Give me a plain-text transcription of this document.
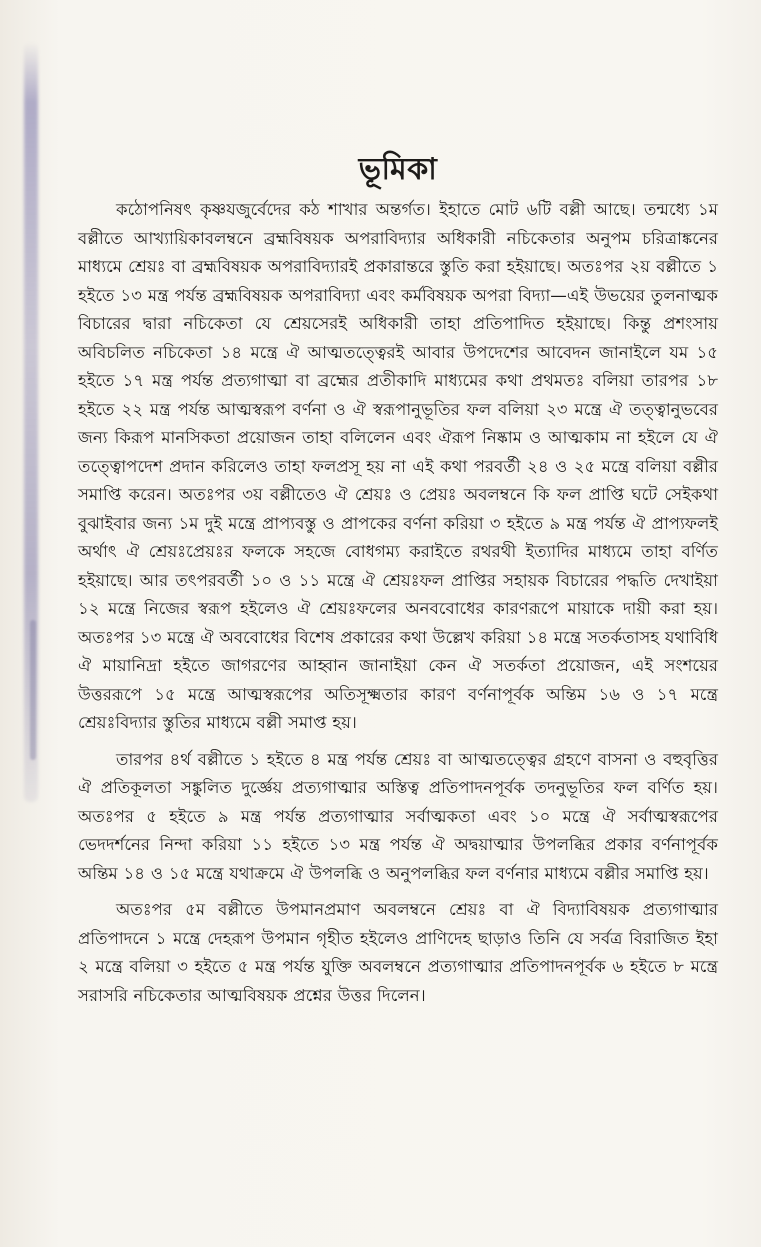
ভূমিকা

কঠোপনিষৎ কৃষ্ণযজুর্বেদের কঠ শাখার অন্তর্গত। ইহাতে মোট ৬টি বল্লী আছে। তন্মধ্যে ১ম বল্লীতে আখ্যায়িকাবলম্বনে ব্রহ্মবিষয়ক অপরাবিদ্যার অধিকারী নচিকেতার অনুপম চরিত্রাঙ্কনের মাধ্যমে শ্রেয়ঃ বা ব্রহ্মবিষয়ক অপরাবিদ্যারই প্রকারান্তরে স্তুতি করা হইয়াছে। অতঃপর ২য় বল্লীতে ১ হইতে ১৩ মন্ত্র পর্যন্ত ব্রহ্মবিষয়ক অপরাবিদ্যা এবং কর্মবিষয়ক অপরা বিদ্যা—এই উভয়ের তুলনাত্মক বিচারের দ্বারা নচিকেতা যে শ্রেয়সেরই অধিকারী তাহা প্রতিপাদিত হইয়াছে। কিন্তু প্রশংসায় অবিচলিত নচিকেতা ১৪ মন্ত্রে ঐ আত্মতত্ত্বেরই আবার উপদেশের আবেদন জানাইলে যম ১৫ হইতে ১৭ মন্ত্র পর্যন্ত প্রত্যগাত্মা বা ব্রহ্মের প্রতীকাদি মাধ্যমের কথা প্রথমতঃ বলিয়া তারপর ১৮ হইতে ২২ মন্ত্র পর্যন্ত আত্মস্বরূপ বর্ণনা ও ঐ স্বরূপানুভূতির ফল বলিয়া ২৩ মন্ত্রে ঐ তত্ত্বানুভবের জন্য কিরূপ মানসিকতা প্রয়োজন তাহা বলিলেন এবং ঐরূপ নিষ্কাম ও আত্মকাম না হইলে যে ঐ তত্ত্বোপদেশ প্রদান করিলেও তাহা ফলপ্রসূ হয় না এই কথা পরবর্তী ২৪ ও ২৫ মন্ত্রে বলিয়া বল্লীর সমাপ্তি করেন। অতঃপর ৩য় বল্লীতেও ঐ শ্রেয়ঃ ও প্রেয়ঃ অবলম্বনে কি ফল প্রাপ্তি ঘটে সেইকথা বুঝাইবার জন্য ১ম দুই মন্ত্রে প্রাপ্যবস্তু ও প্রাপকের বর্ণনা করিয়া ৩ হইতে ৯ মন্ত্র পর্যন্ত ঐ প্রাপ্যফলই অর্থাৎ ঐ শ্রেয়ঃপ্রেয়ঃর ফলকে সহজে বোধগম্য করাইতে রথরথী ইত্যাদির মাধ্যমে তাহা বর্ণিত হইয়াছে। আর তৎপরবর্তী ১০ ও ১১ মন্ত্রে ঐ শ্রেয়ঃফল প্রাপ্তির সহায়ক বিচারের পদ্ধতি দেখাইয়া ১২ মন্ত্রে নিজের স্বরূপ হইলেও ঐ শ্রেয়ঃফলের অনববোধের কারণরূপে মায়াকে দায়ী করা হয়। অতঃপর ১৩ মন্ত্রে ঐ অববোধের বিশেষ প্রকারের কথা উল্লেখ করিয়া ১৪ মন্ত্রে সতর্কতাসহ যথাবিধি ঐ মায়ানিদ্রা হইতে জাগরণের আহ্বান জানাইয়া কেন ঐ সতর্কতা প্রয়োজন, এই সংশয়ের উত্তররূপে ১৫ মন্ত্রে আত্মস্বরূপের অতিসূক্ষ্মতার কারণ বর্ণনাপূর্বক অন্তিম ১৬ ও ১৭ মন্ত্রে শ্রেয়ঃবিদ্যার স্তুতির মাধ্যমে বল্লী সমাপ্ত হয়।

তারপর ৪র্থ বল্লীতে ১ হইতে ৪ মন্ত্র পর্যন্ত শ্রেয়ঃ বা আত্মতত্ত্বের গ্রহণে বাসনা ও বহুবৃত্তির ঐ প্রতিকূলতা সঙ্কুলিত দুর্জ্ঞেয় প্রত্যগাত্মার অস্তিত্ব প্রতিপাদনপূর্বক তদনুভূতির ফল বর্ণিত হয়। অতঃপর ৫ হইতে ৯ মন্ত্র পর্যন্ত প্রত্যগাত্মার সর্বাত্মকতা এবং ১০ মন্ত্রে ঐ সর্বাত্মস্বরূপের ভেদদর্শনের নিন্দা করিয়া ১১ হইতে ১৩ মন্ত্র পর্যন্ত ঐ অদ্বয়াত্মার উপলব্ধির প্রকার বর্ণনাপূর্বক অন্তিম ১৪ ও ১৫ মন্ত্রে যথাক্রমে ঐ উপলব্ধি ও অনুপলব্ধির ফল বর্ণনার মাধ্যমে বল্লীর সমাপ্তি হয়।

অতঃপর ৫ম বল্লীতে উপমানপ্রমাণ অবলম্বনে শ্রেয়ঃ বা ঐ বিদ্যাবিষয়ক প্রত্যগাত্মার প্রতিপাদনে ১ মন্ত্রে দেহরূপ উপমান গৃহীত হইলেও প্রাণিদেহ ছাড়াও তিনি যে সর্বত্র বিরাজিত ইহা ২ মন্ত্রে বলিয়া ৩ হইতে ৫ মন্ত্র পর্যন্ত যুক্তি অবলম্বনে প্রত্যগাত্মার প্রতিপাদনপূর্বক ৬ হইতে ৮ মন্ত্রে সরাসরি নচিকেতার আত্মবিষয়ক প্রশ্নের উত্তর দিলেন।
